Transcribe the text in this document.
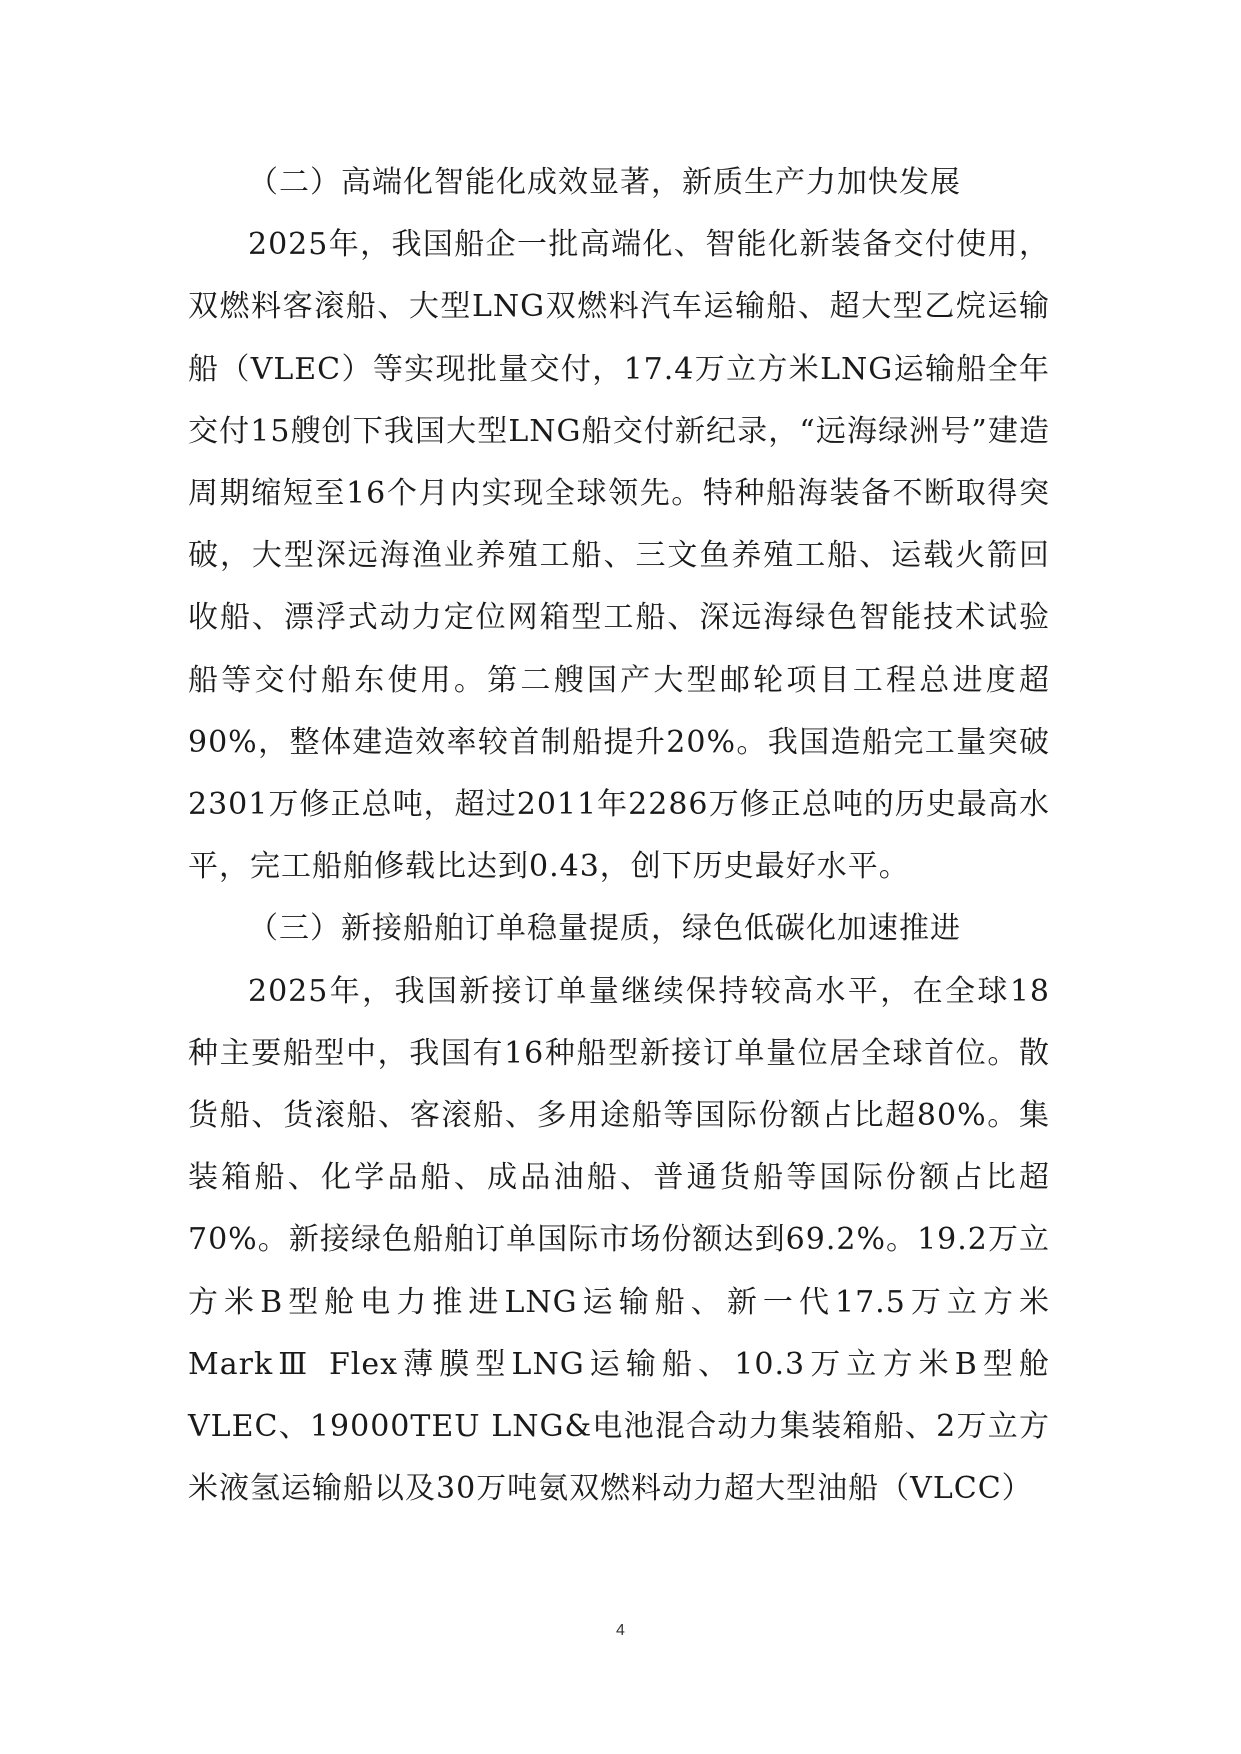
（二）高端化智能化成效显著，新质生产力加快发展

2025年，我国船企一批高端化、智能化新装备交付使用，双燃料客滚船、大型LNG双燃料汽车运输船、超大型乙烷运输船（VLEC）等实现批量交付，17.4万立方米LNG运输船全年交付15艘创下我国大型LNG船交付新纪录，“远海绿洲号”建造周期缩短至16个月内实现全球领先。特种船海装备不断取得突破，大型深远海渔业养殖工船、三文鱼养殖工船、运载火箭回收船、漂浮式动力定位网箱型工船、深远海绿色智能技术试验船等交付船东使用。第二艘国产大型邮轮项目工程总进度超90%，整体建造效率较首制船提升20%。我国造船完工量突破2301万修正总吨，超过2011年2286万修正总吨的历史最高水平，完工船舶修载比达到0.43，创下历史最好水平。

（三）新接船舶订单稳量提质，绿色低碳化加速推进

2025年，我国新接订单量继续保持较高水平，在全球18种主要船型中，我国有16种船型新接订单量位居全球首位。散货船、货滚船、客滚船、多用途船等国际份额占比超80%。集装箱船、化学品船、成品油船、普通货船等国际份额占比超70%。新接绿色船舶订单国际市场份额达到69.2%。19.2万立方米B型舱电力推进LNG运输船、新一代17.5万立方米MarkⅢ Flex薄膜型LNG运输船、10.3万立方米B型舱VLEC、19000TEU LNG&电池混合动力集装箱船、2万立方米液氢运输船以及30万吨氨双燃料动力超大型油船（VLCC）

4
